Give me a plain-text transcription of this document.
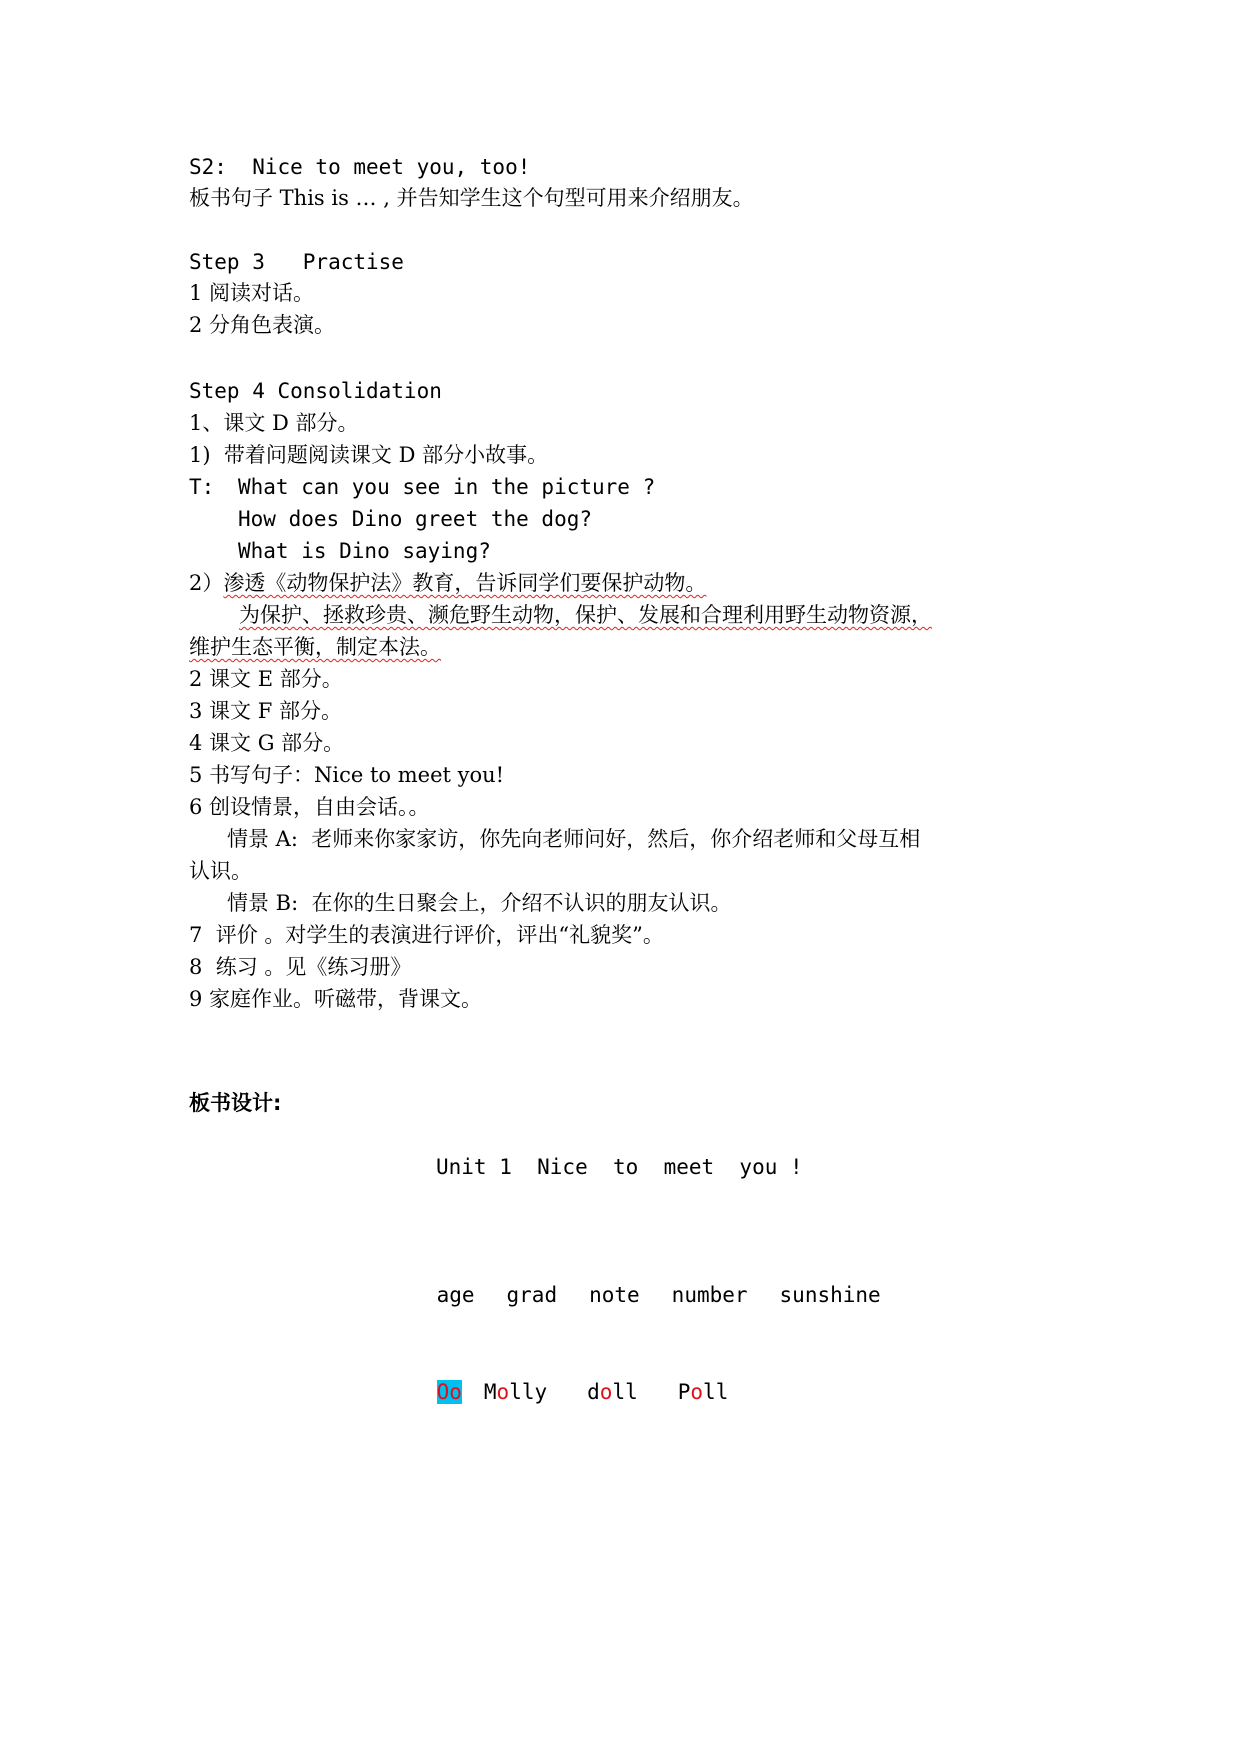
S2:  Nice to meet you, too!
板书句子 This is … , 并告知学生这个句型可用来介绍朋友。
Step 3   Practise
1 阅读对话。
2 分角色表演。
Step 4 Consolidation
1、课文 D 部分。
1)  带着问题阅读课文 D 部分小故事。
T: What can you see in the picture ?
How does Dino greet the dog?
What is Dino saying?
2）渗透《动物保护法》教育，告诉同学们要保护动物。
为保护、拯救珍贵、濒危野生动物，保护、发展和合理利用野生动物资源，
维护生态平衡，制定本法。
2 课文 E 部分。
3 课文 F 部分。
4 课文 G 部分。
5 书写句子：Nice to meet you!
6 创设情景，自由会话。。
情景 A:  老师来你家家访，你先向老师问好，然后，你介绍老师和父母互相
认识。
情景 B:  在你的生日聚会上，介绍不认识的朋友认识。
7  评价 。对学生的表演进行评价，评出“礼貌奖”。
8  练习 。见《练习册》
9 家庭作业。听磁带，背课文。
板书设计:
Unit 1  Nice  to  meet  you !

age grad note number sunshine

Oo Molly doll Poll
